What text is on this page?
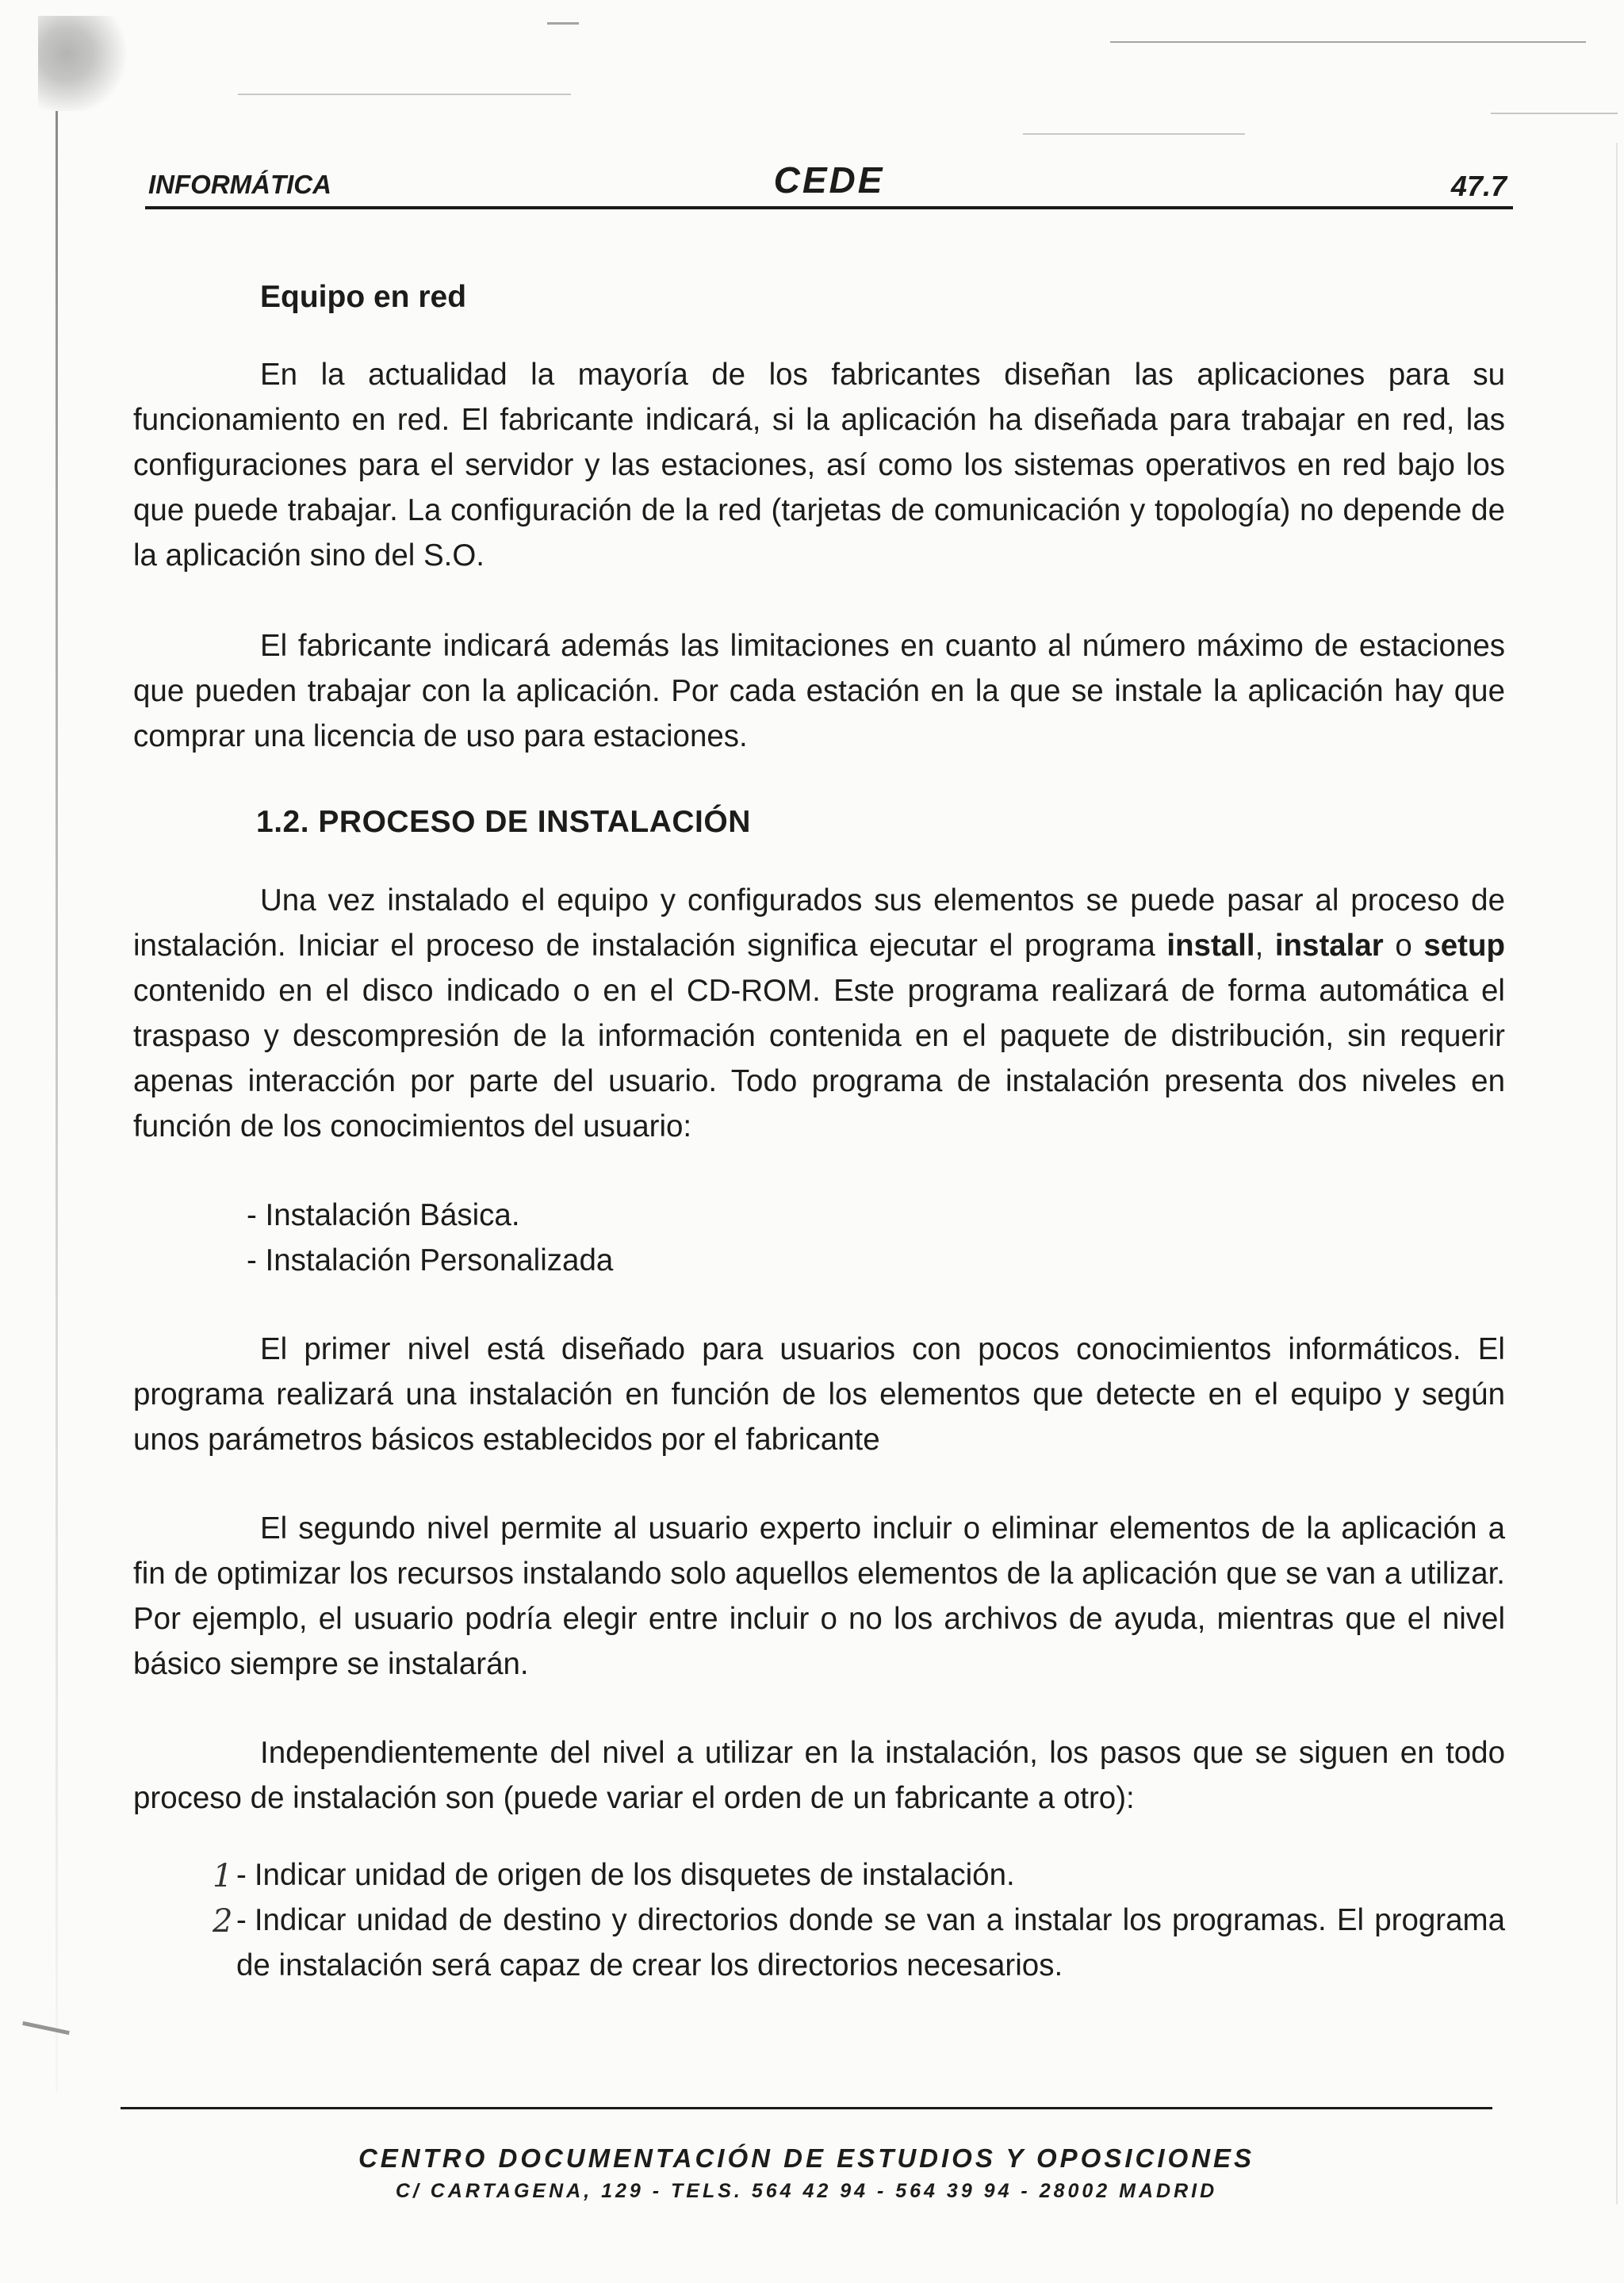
INFORMÁTICA	CEDE	47.7
Equipo en red

En la actualidad la mayoría de los fabricantes diseñan las aplicaciones para su funcionamiento en red. El fabricante indicará, si la aplicación ha diseñada para trabajar en red, las configuraciones para el servidor y las estaciones, así como los sistemas operativos en red bajo los que puede trabajar. La configuración de la red (tarjetas de comunicación y topología) no depende de la aplicación sino del S.O.

El fabricante indicará además las limitaciones en cuanto al número máximo de estaciones que pueden trabajar con la aplicación. Por cada estación en la que se instale la aplicación hay que comprar una licencia de uso para estaciones.

1.2. PROCESO DE INSTALACIÓN

Una vez instalado el equipo y configurados sus elementos se puede pasar al proceso de instalación. Iniciar el proceso de instalación significa ejecutar el programa install, instalar o setup contenido en el disco indicado o en el CD-ROM. Este programa realizará de forma automática el traspaso y descompresión de la información contenida en el paquete de distribución, sin requerir apenas interacción por parte del usuario. Todo programa de instalación presenta dos niveles en función de los conocimientos del usuario:

- Instalación Básica.
- Instalación Personalizada

El primer nivel está diseñado para usuarios con pocos conocimientos informáticos. El programa realizará una instalación en función de los elementos que detecte en el equipo y según unos parámetros básicos establecidos por el fabricante

El segundo nivel permite al usuario experto incluir o eliminar elementos de la aplicación a fin de optimizar los recursos instalando solo aquellos elementos de la aplicación que se van a utilizar. Por ejemplo, el usuario podría elegir entre incluir o no los archivos de ayuda, mientras que el nivel básico siempre se instalarán.

Independientemente del nivel a utilizar en la instalación, los pasos que se siguen en todo proceso de instalación son (puede variar el orden de un fabricante a otro):

1 - Indicar unidad de origen de los disquetes de instalación.
2 - Indicar unidad de destino y directorios donde se van a instalar los programas. El programa de instalación será capaz de crear los directorios necesarios.
CENTRO DOCUMENTACIÓN DE ESTUDIOS Y OPOSICIONES
C/ CARTAGENA, 129 - TELS. 564 42 94 - 564 39 94 - 28002 MADRID
